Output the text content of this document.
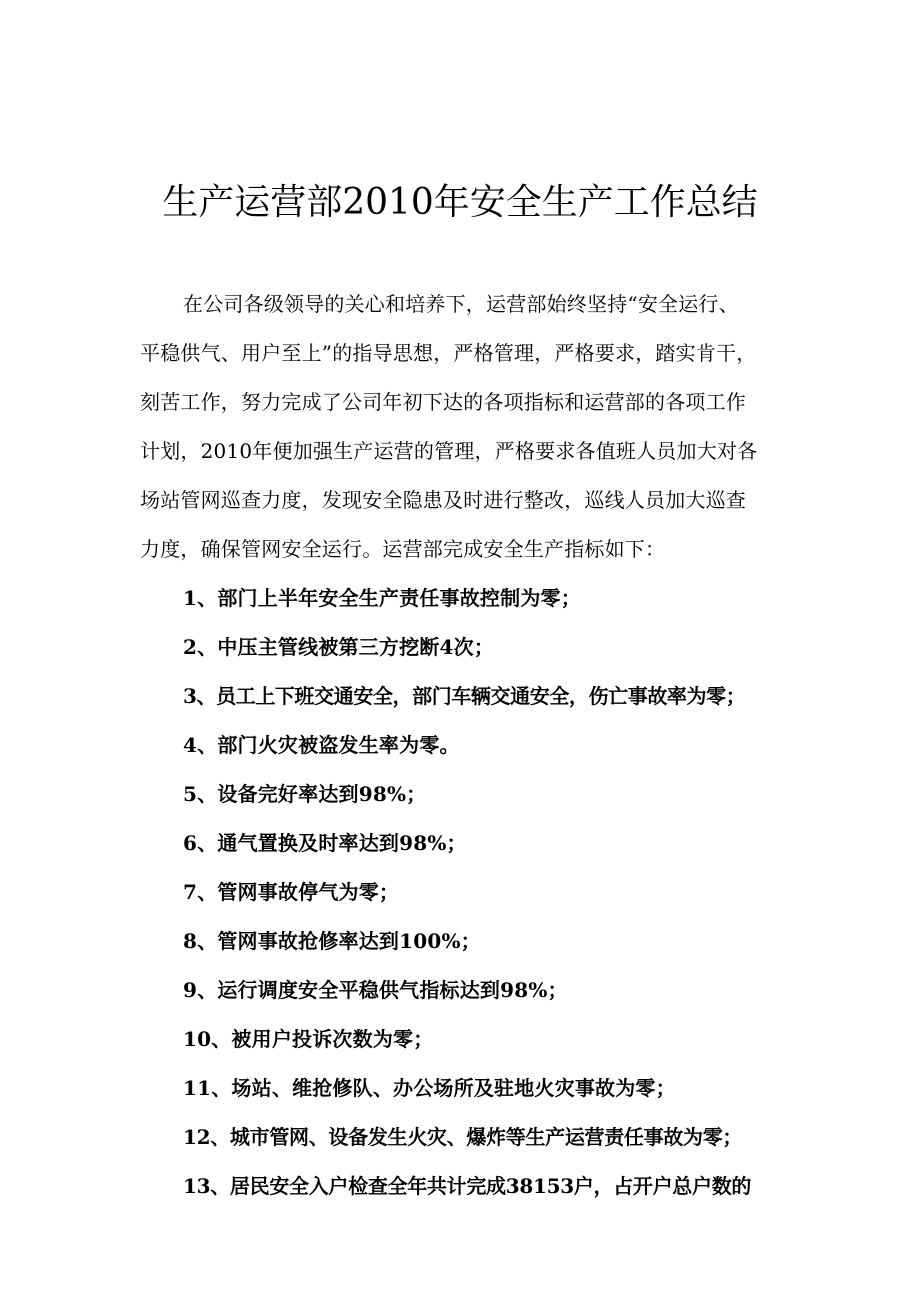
生产运营部2010年安全生产工作总结
在公司各级领导的关心和培养下，运营部始终坚持“安全运行、
平稳供气、用户至上”的指导思想，严格管理，严格要求，踏实肯干，
刻苦工作，努力完成了公司年初下达的各项指标和运营部的各项工作
计划，2010年便加强生产运营的管理，严格要求各值班人员加大对各
场站管网巡查力度，发现安全隐患及时进行整改，巡线人员加大巡查
力度，确保管网安全运行。运营部完成安全生产指标如下：
1、部门上半年安全生产责任事故控制为零；
2、中压主管线被第三方挖断4次；
3、员工上下班交通安全，部门车辆交通安全，伤亡事故率为零；
4、部门火灾被盗发生率为零。
5、设备完好率达到98%；
6、通气置换及时率达到98%；
7、管网事故停气为零；
8、管网事故抢修率达到100%；
9、运行调度安全平稳供气指标达到98%；
10、被用户投诉次数为零；
11、场站、维抢修队、办公场所及驻地火灾事故为零；
12、城市管网、设备发生火灾、爆炸等生产运营责任事故为零；
13、居民安全入户检查全年共计完成38153户，占开户总户数的
